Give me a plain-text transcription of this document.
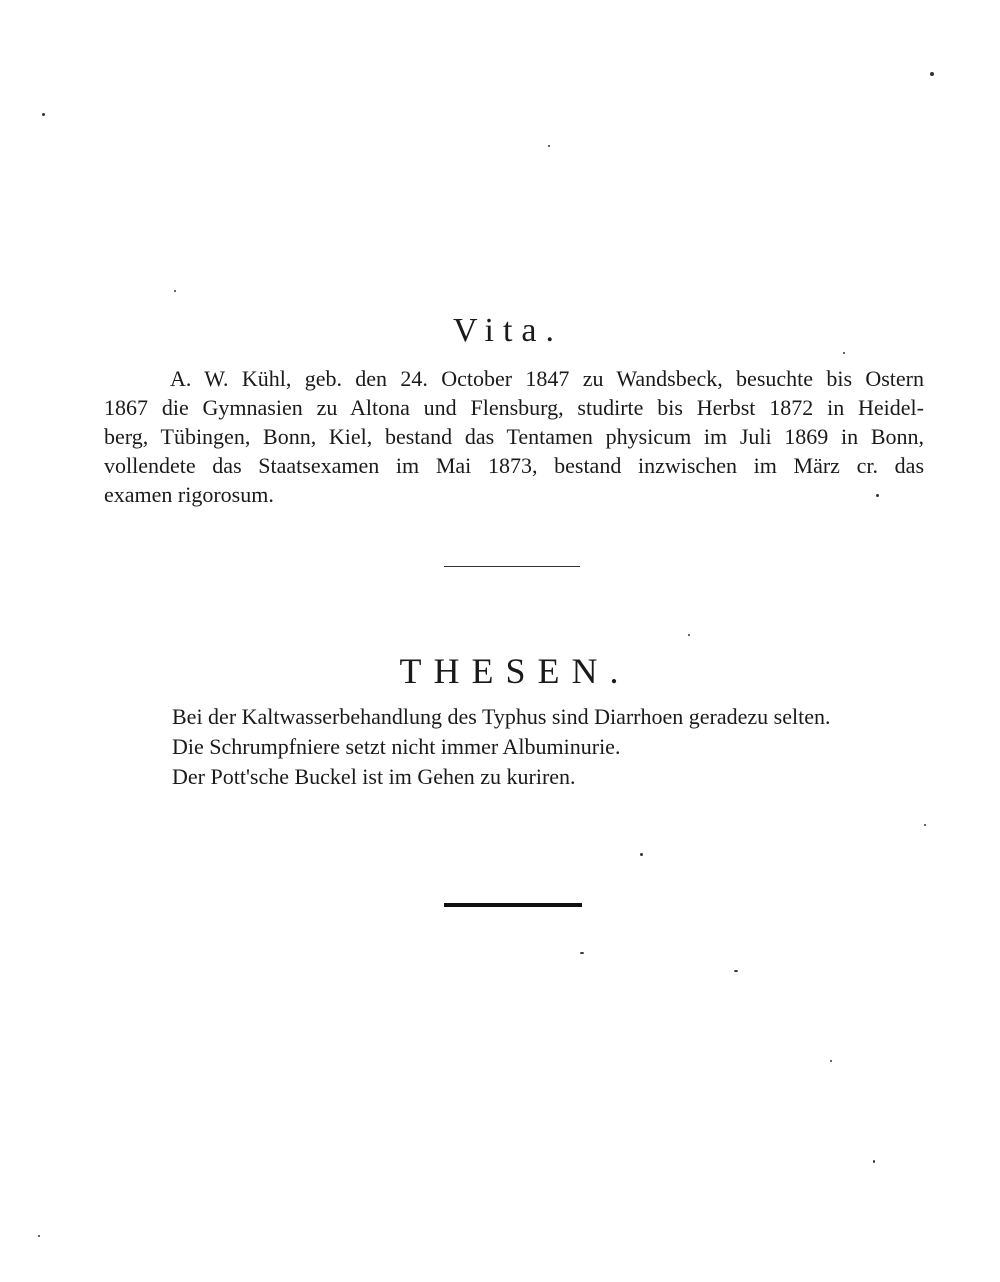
Vita.
A. W. Kühl, geb. den 24. October 1847 zu Wandsbeck, besuchte bis Ostern
1867 die Gymnasien zu Altona und Flensburg, studirte bis Herbst 1872 in Heidel-
berg, Tübingen, Bonn, Kiel, bestand das Tentamen physicum im Juli 1869 in Bonn,
vollendete das Staatsexamen im Mai 1873, bestand inzwischen im März cr. das
examen rigorosum.
THESEN.
Bei der Kaltwasserbehandlung des Typhus sind Diarrhoen geradezu selten.
Die Schrumpfniere setzt nicht immer Albuminurie.
Der Pott'sche Buckel ist im Gehen zu kuriren.
